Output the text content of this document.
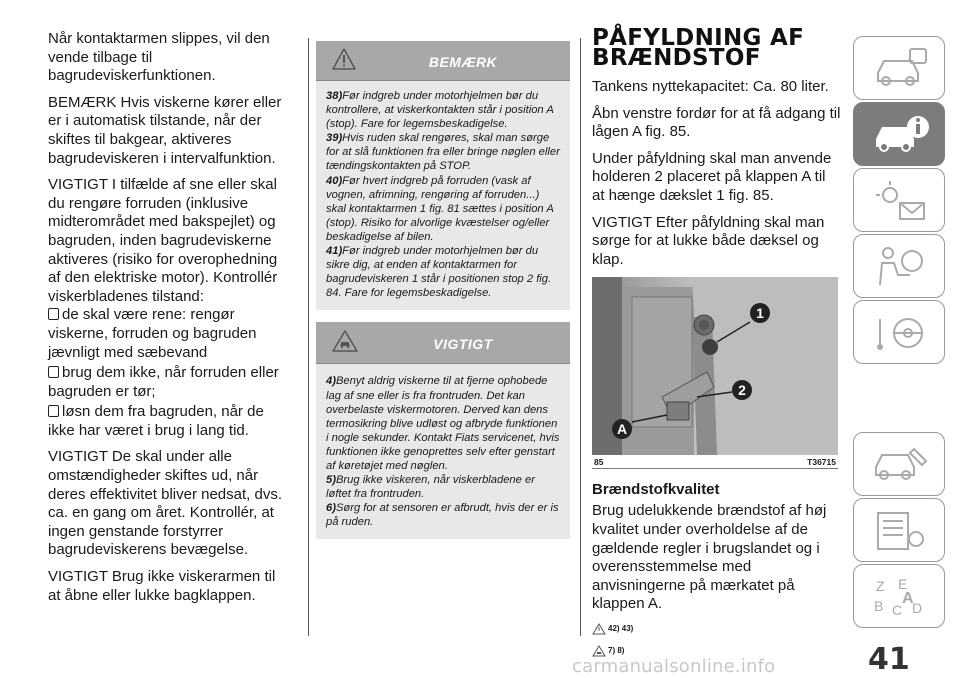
Når kontaktarmen slippes, vil den vende tilbage til bagrudeviskerfunktionen.

BEMÆRK Hvis viskerne kører eller er i automatisk tilstande, når der skiftes til bakgear, aktiveres bagrudeviskeren i intervalfunktion.

VIGTIGT I tilfælde af sne eller skal du rengøre forruden (inklusive midterområdet med bakspejlet) og bagruden, inden bagrudeviskerne aktiveres (risiko for overophedning af den elektriske motor). Kontrollér viskerbladenes tilstand:

de skal være rene: rengør viskerne, forruden og bagruden jævnligt med sæbevand

brug dem ikke, når forruden eller bagruden er tør;

løsn dem fra bagruden, når de ikke har været i brug i lang tid.

VIGTIGT De skal under alle omstændigheder skiftes ud, når deres effektivitet bliver nedsat, dvs. ca. en gang om året. Kontrollér, at ingen genstande forstyrrer bagrudeviskerens bevægelse.

VIGTIGT Brug ikke viskerarmen til at åbne eller lukke bagklappen.

BEMÆRK

38)Før indgreb under motorhjelmen bør du kontrollere, at viskerkontakten står i position A (stop). Fare for legemsbeskadigelse.

39)Hvis ruden skal rengøres, skal man sørge for at slå funktionen fra eller bringe nøglen eller tændingskontakten på STOP.

40)Før hvert indgreb på forruden (vask af vognen, afrimning, rengøring af forruden...) skal kontaktarmen 1 fig. 81 sættes i position A (stop). Risiko for alvorlige kvæstelser og/eller beskadigelse af bilen.

41)Før indgreb under motorhjelmen bør du sikre dig, at enden af kontaktarmen for bagrudeviskeren 1 står i positionen stop 2 fig. 84. Fare for legemsbeskadigelse.

VIGTIGT

4)Benyt aldrig viskerne til at fjerne ophobede lag af sne eller is fra frontruden. Det kan overbelaste viskermotoren. Derved kan dens termosikring blive udløst og afbryde funktionen i nogle sekunder. Kontakt Fiats servicenet, hvis funktionen ikke genoprettes selv efter genstart af køretøjet med nøglen.

5)Brug ikke viskeren, når viskerbladene er løftet fra frontruden.

6)Sørg for at sensoren er afbrudt, hvis der er is på ruden.

PÅFYLDNING AF
BRÆNDSTOF

Tankens nyttekapacitet: Ca. 80 liter.

Åbn venstre fordør for at få adgang til lågen A fig. 85.

Under påfyldning skal man anvende holderen 2 placeret på klappen A til at hænge dækslet 1 fig. 85.

VIGTIGT Efter påfyldning skal man sørge for at lukke både dæksel og klap.

1
2
A
85	T36715
Brændstofkvalitet

Brug udelukkende brændstof af høj kvalitet under overholdelse af de gældende regler i brugslandet og i overensstemmelse med anvisningerne på mærkatet på klappen A.

42) 43)
7) 8)
Z E
B C D
A
41
carmanualsonline.info
